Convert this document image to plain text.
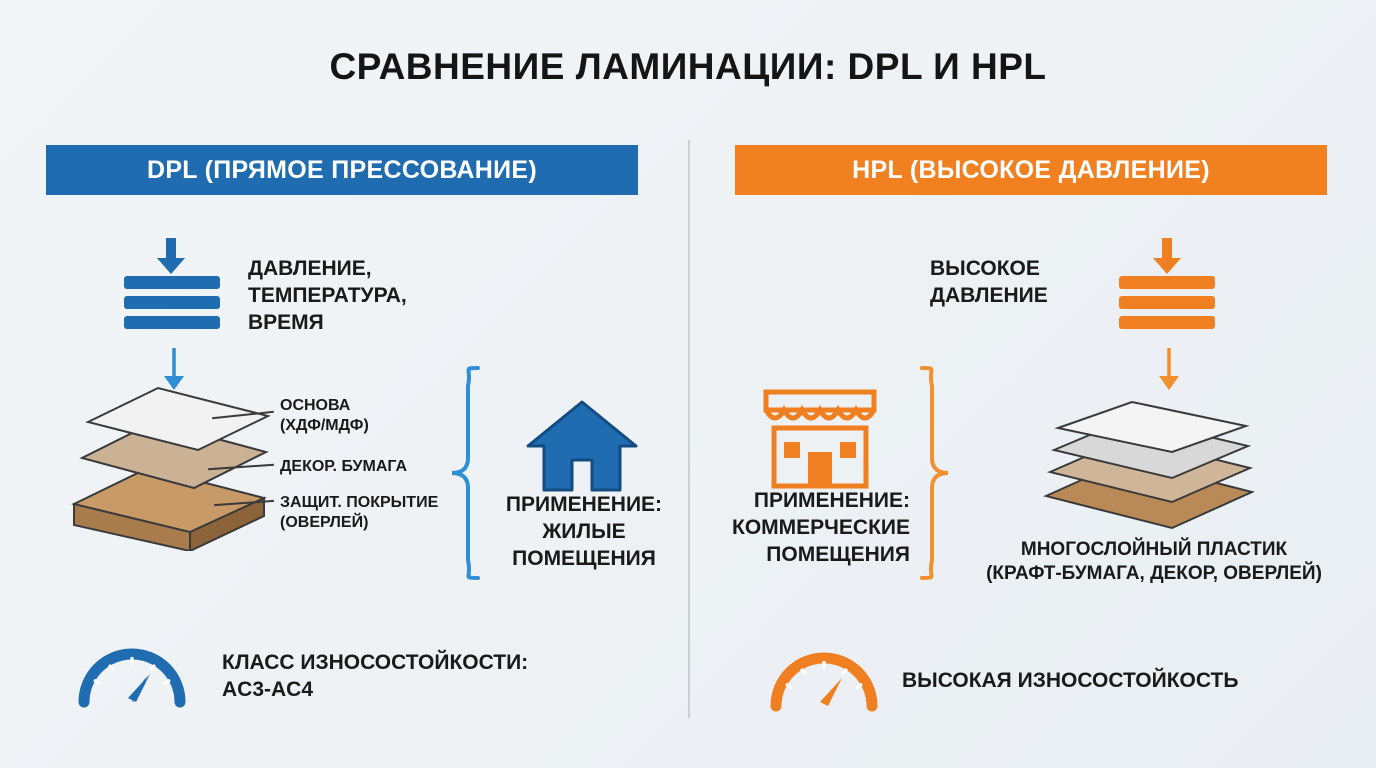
СРАВНЕНИЕ ЛАМИНАЦИИ: DPL И HPL
DPL (ПРЯМОЕ ПРЕССОВАНИЕ)	HPL (ВЫСОКОЕ ДАВЛЕНИЕ)
ДАВЛЕНИЕ,
ТЕМПЕРАТУРА,
ВРЕМЯ
ОСНОВА
(ХДФ/МДФ)
ДЕКОР. БУМАГА
ЗАЩИТ. ПОКРЫТИЕ
(ОВЕРЛЕЙ)
ПРИМЕНЕНИЕ:
ЖИЛЫЕ
ПОМЕЩЕНИЯ
КЛАСС ИЗНОСОСТОЙКОСТИ:
AC3-AC4
ВЫСОКОЕ
ДАВЛЕНИЕ
ПРИМЕНЕНИЕ:
КОММЕРЧЕСКИЕ
ПОМЕЩЕНИЯ	МНОГОСЛОЙНЫЙ ПЛАСТИК
(КРАФТ-БУМАГА, ДЕКОР, ОВЕРЛЕЙ)
ВЫСОКАЯ ИЗНОСОСТОЙКОСТЬ
